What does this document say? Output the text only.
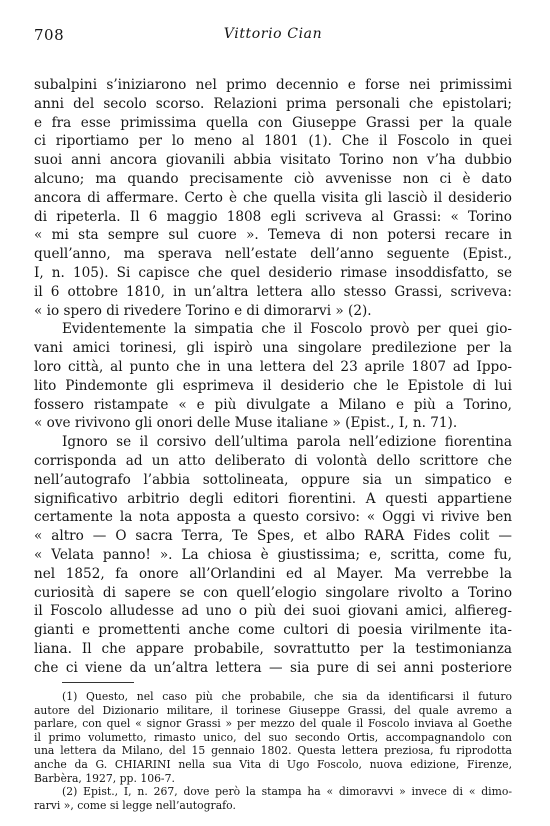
708	Vittorio Cian
subalpini s’iniziarono nel primo decennio e forse nei primissimi
anni del secolo scorso. Relazioni prima personali che epistolari;
e fra esse primissima quella con Giuseppe Grassi per la quale
ci riportiamo per lo meno al 1801 (1). Che il Foscolo in quei
suoi anni ancora giovanili abbia visitato Torino non v’ha dubbio
alcuno; ma quando precisamente ciò avvenisse non ci è dato
ancora di affermare. Certo è che quella visita gli lasciò il desiderio
di ripeterla. Il 6 maggio 1808 egli scriveva al Grassi: « Torino
« mi sta sempre sul cuore ». Temeva di non potersi recare in
quell’anno, ma sperava nell’estate dell’anno seguente (Epist.,
I, n. 105). Si capisce che quel desiderio rimase insoddisfatto, se
il 6 ottobre 1810, in un’altra lettera allo stesso Grassi, scriveva:
« io spero di rivedere Torino e di dimorarvi » (2).
Evidentemente la simpatia che il Foscolo provò per quei gio-
vani amici torinesi, gli ispirò una singolare predilezione per la
loro città, al punto che in una lettera del 23 aprile 1807 ad Ippo-
lito Pindemonte gli esprimeva il desiderio che le Epistole di lui
fossero ristampate « e più divulgate a Milano e più a Torino,
« ove rivivono gli onori delle Muse italiane » (Epist., I, n. 71).
Ignoro se il corsivo dell’ultima parola nell’edizione fiorentina
corrisponda ad un atto deliberato di volontà dello scrittore che
nell’autografo l’abbia sottolineata, oppure sia un simpatico e
significativo arbitrio degli editori fiorentini. A questi appartiene
certamente la nota apposta a questo corsivo: « Oggi vi rivive ben
« altro — O sacra Terra, Te Spes, et albo RARA Fides colit —
« Velata panno! ». La chiosa è giustissima; e, scritta, come fu,
nel 1852, fa onore all’Orlandini ed al Mayer. Ma verrebbe la
curiosità di sapere se con quell’elogio singolare rivolto a Torino
il Foscolo alludesse ad uno o più dei suoi giovani amici, alfiereg-
gianti e promettenti anche come cultori di poesia virilmente ita-
liana. Il che appare probabile, sovrattutto per la testimonianza
che ci viene da un’altra lettera — sia pure di sei anni posteriore
(1) Questo, nel caso più che probabile, che sia da identificarsi il futuro
autore del Dizionario militare, il torinese Giuseppe Grassi, del quale avremo a
parlare, con quel « signor Grassi » per mezzo del quale il Foscolo inviava al Goethe
il primo volumetto, rimasto unico, del suo secondo Ortis, accompagnandolo con
una lettera da Milano, del 15 gennaio 1802. Questa lettera preziosa, fu riprodotta
anche da G. CHIARINI nella sua Vita di Ugo Foscolo, nuova edizione, Firenze,
Barbèra, 1927, pp. 106-7.
(2) Epist., I, n. 267, dove però la stampa ha « dimoravvi » invece di « dimo-
rarvi », come si legge nell’autografo.
